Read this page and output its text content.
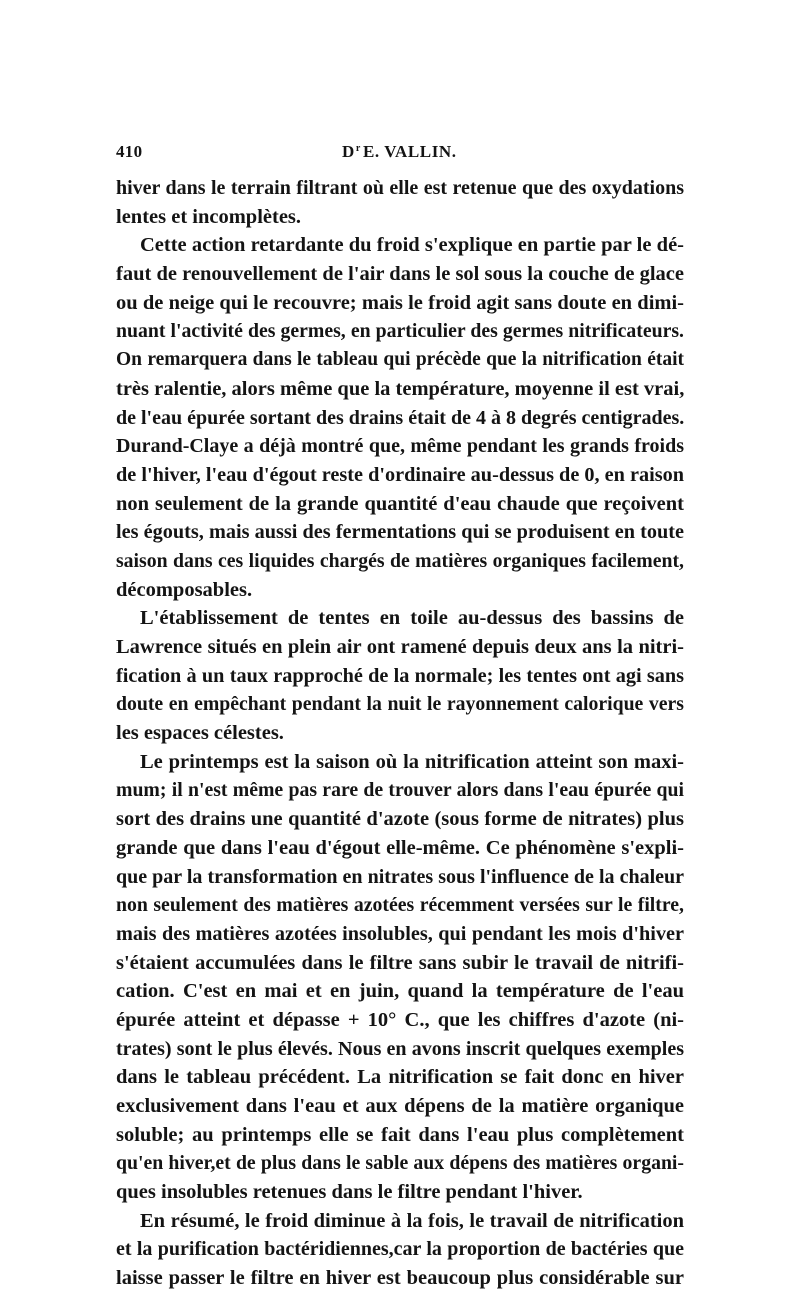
410	$D^r$ E. VALLIN.
hiver dans le terrain filtrant où elle est retenue que des oxydations
lentes et incomplètes.
Cette action retardante du froid s'explique en partie par le dé-
faut de renouvellement de l'air dans le sol sous la couche de glace
ou de neige qui le recouvre; mais le froid agit sans doute en dimi-
nuant l'activité des germes, en particulier des germes nitrificateurs.
On remarquera dans le tableau qui précède que la nitrification était
très ralentie, alors même que la température, moyenne il est vrai,
de l'eau épurée sortant des drains était de 4 à 8 degrés centigrades.
Durand-Claye a déjà montré que, même pendant les grands froids
de l'hiver, l'eau d'égout reste d'ordinaire au-dessus de 0, en raison
non seulement de la grande quantité d'eau chaude que reçoivent
les égouts, mais aussi des fermentations qui se produisent en toute
saison dans ces liquides chargés de matières organiques facilement,
décomposables.
L'établissement de tentes en toile au-dessus des bassins de
Lawrence situés en plein air ont ramené depuis deux ans la nitri-
fication à un taux rapproché de la normale; les tentes ont agi sans
doute en empêchant pendant la nuit le rayonnement calorique vers
les espaces célestes.
Le printemps est la saison où la nitrification atteint son maxi-
mum; il n'est même pas rare de trouver alors dans l'eau épurée qui
sort des drains une quantité d'azote (sous forme de nitrates) plus
grande que dans l'eau d'égout elle-même. Ce phénomène s'expli-
que par la transformation en nitrates sous l'influence de la chaleur
non seulement des matières azotées récemment versées sur le filtre,
mais des matières azotées insolubles, qui pendant les mois d'hiver
s'étaient accumulées dans le filtre sans subir le travail de nitrifi-
cation. C'est en mai et en juin, quand la température de l'eau
épurée atteint et dépasse + 10° C., que les chiffres d'azote (ni-
trates) sont le plus élevés. Nous en avons inscrit quelques exemples
dans le tableau précédent. La nitrification se fait donc en hiver
exclusivement dans l'eau et aux dépens de la matière organique
soluble; au printemps elle se fait dans l'eau plus complètement
qu'en hiver,et de plus dans le sable aux dépens des matières organi-
ques insolubles retenues dans le filtre pendant l'hiver.
En résumé, le froid diminue à la fois, le travail de nitrification
et la purification bactéridiennes,car la proportion de bactéries que
laisse passer le filtre en hiver est beaucoup plus considérable sur
